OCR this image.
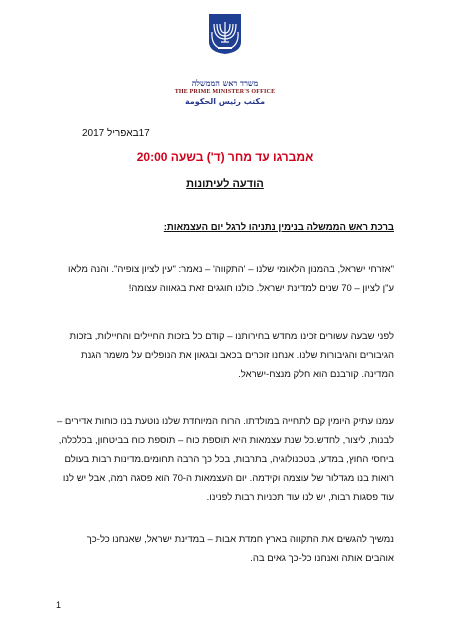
משרד ראש הממשלה
THE PRIME MINISTER'S OFFICE
مكتب رئيس الحكومة
17באפריל 2017
אמברגו עד מחר (ד') בשעה 20:00
הודעה לעיתונות
ברכת ראש הממשלה בנימין נתניהו לרגל יום העצמאות:

"אזרחי ישראל, בהמנון הלאומי שלנו – 'התקווה' – נאמר: "עין לציון צופיה". והנה מלאו ע"ן לציון – 70 שנים למדינת ישראל. כולנו חוגגים זאת בגאווה עצומה!

לפני שבעה עשורים זכינו מחדש בחירותנו – קודם כל בזכות החיילים והחיילות, בזכות הגיבורים והגיבורות שלנו. אנחנו זוכרים בכאב ובגאון את הנופלים על משמר הגנת המדינה. קורבנם הוא חלק מנצח-ישראל.

עמנו עתיק היומין קם לתחייה במולדתו. הרוח המיוחדת שלנו נוטעת בנו כוחות אדירים – לבנות, ליצור, לחדש.כל שנת עצמאות היא תוספת כוח – תוספת כוח בביטחון, בכלכלה, ביחסי החוץ, במדע, בטכנולוגיה, בתרבות, בכל כך הרבה תחומים.מדינות רבות בעולם רואות בנו מגדלור של עוצמה וקידמה. יום העצמאות ה-70 הוא פסגה רמה, אבל יש לנו עוד פסגות רבות, יש לנו עוד תכניות רבות לפנינו.

נמשיך להגשים את התקווה בארץ חמדת אבות – במדינת ישראל, שאנחנו כל-כך אוהבים אותה ואנחנו כל-כך גאים בה.

1
